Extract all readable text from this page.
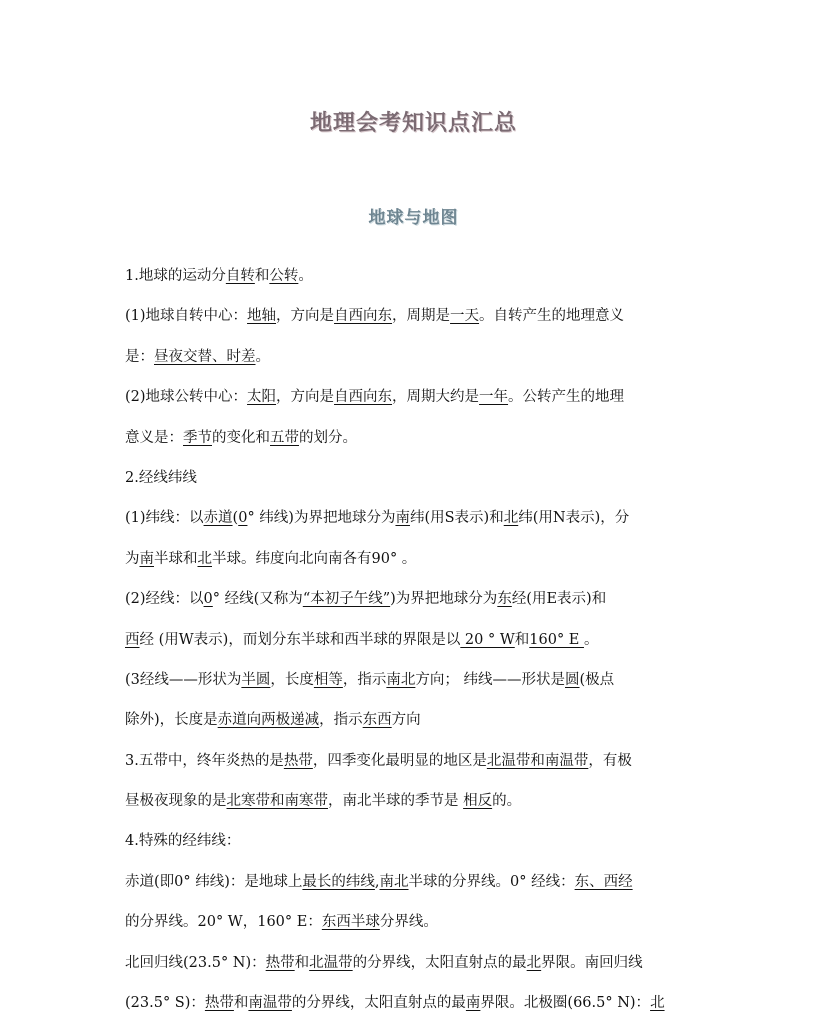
地理会考知识点汇总
地球与地图
1.地球的运动分自转和公转。
(1)地球自转中心：地轴，方向是自西向东，周期是一天。自转产生的地理意义
是：昼夜交替、时差。
(2)地球公转中心：太阳，方向是自西向东，周期大约是一年。公转产生的地理
意义是：季节的变化和五带的划分。
2.经线纬线
(1)纬线：以赤道(0° 纬线)为界把地球分为南纬(用S表示)和北纬(用N表示)，分
为南半球和北半球。纬度向北向南各有90° 。
(2)经线：以0° 经线(又称为“本初子午线”)为界把地球分为东经(用E表示)和
西经 (用W表示)，而划分东半球和西半球的界限是以 20 ° W和160° E 。
(3经线——形状为半圆，长度相等，指示南北方向； 纬线——形状是圆(极点
除外)，长度是赤道向两极递减，指示东西方向
3.五带中，终年炎热的是热带，四季变化最明显的地区是北温带和南温带，有极
昼极夜现象的是北寒带和南寒带，南北半球的季节是 相反的。
4.特殊的经纬线：
赤道(即0° 纬线)：是地球上最长的纬线,南北半球的分界线。0° 经线：东、西经
的分界线。20° W，160° E：东西半球分界线。
北回归线(23.5° N)：热带和北温带的分界线，太阳直射点的最北界限。南回归线
(23.5° S)：热带和南温带的分界线，太阳直射点的最南界限。北极圈(66.5° N)：北
